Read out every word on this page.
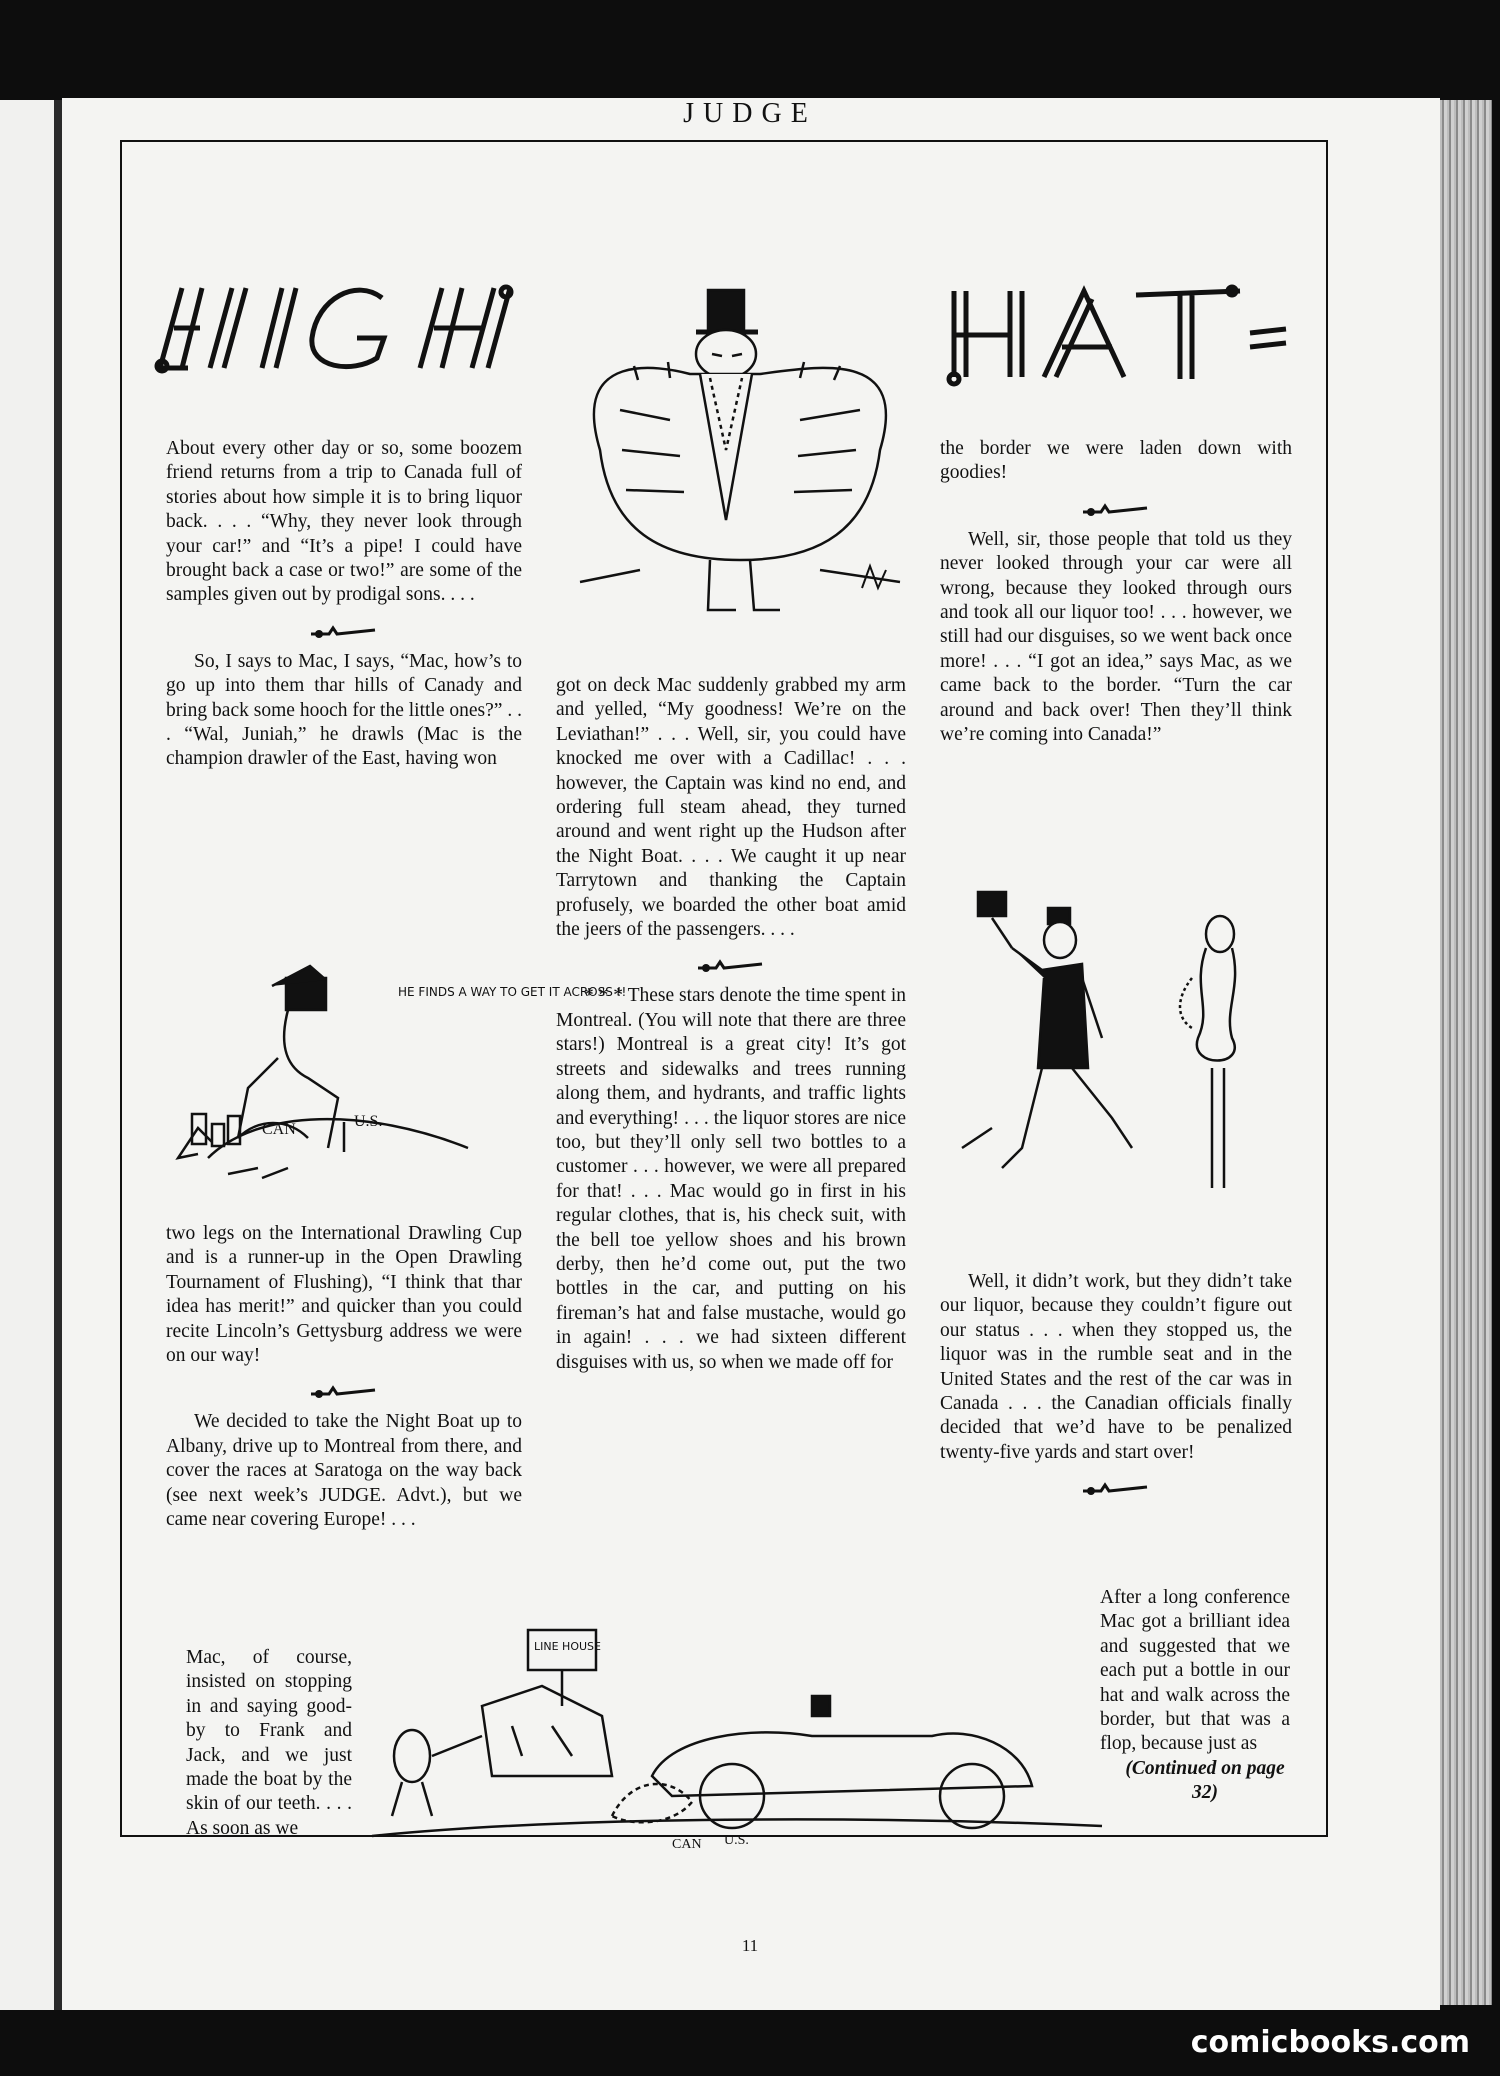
JUDGE

About every other day or so, some boozem friend returns from a trip to Canada full of stories about how simple it is to bring liquor back. . . . “Why, they never look through your car!” and “It’s a pipe! I could have brought back a case or two!” are some of the samples given out by prodigal sons. . . .

So, I says to Mac, I says, “Mac, how’s to go up into them thar hills of Canady and bring back some hooch for the little ones?” . . . “Wal, Juniah,” he drawls (Mac is the champion drawler of the East, having won

CAN	U.S.
HE FINDS A WAY TO GET IT ACROSS !!

two legs on the International Drawling Cup and is a runner-up in the Open Drawling Tournament of Flushing), “I think that thar idea has merit!” and quicker than you could recite Lincoln’s Gettysburg address we were on our way!

We decided to take the Night Boat up to Albany, drive up to Montreal from there, and cover the races at Saratoga on the way back (see next week’s JUDGE. Advt.), but we came near covering Europe! . . .

Mac, of course, insisted on stopping in and saying good-by to Frank and Jack, and we just made the boat by the skin of our teeth. . . . As soon as we

got on deck Mac suddenly grabbed my arm and yelled, “My goodness! We’re on the Leviathan!” . . . Well, sir, you could have knocked me over with a Cadillac! . . . however, the Captain was kind no end, and ordering full steam ahead, they turned around and went right up the Hudson after the Night Boat. . . . We caught it up near Tarrytown and thanking the Captain profusely, we boarded the other boat amid the jeers of the passengers. . . .

* * * These stars denote the time spent in Montreal. (You will note that there are three stars!) Montreal is a great city! It’s got streets and sidewalks and trees running along them, and hydrants, and traffic lights and everything! . . . the liquor stores are nice too, but they’ll only sell two bottles to a customer . . . however, we were all prepared for that! . . . Mac would go in first in his regular clothes, that is, his check suit, with the bell toe yellow shoes and his brown derby, then he’d come out, put the two bottles in the car, and putting on his fireman’s hat and false mustache, would go in again! . . . we had sixteen different disguises with us, so when we made off for

the border we were laden down with goodies!

Well, sir, those people that told us they never looked through your car were all wrong, because they looked through ours and took all our liquor too! . . . however, we still had our disguises, so we went back once more! . . . “I got an idea,” says Mac, as we came back to the border. “Turn the car around and back over! Then they’ll think we’re coming into Canada!”

Well, it didn’t work, but they didn’t take our liquor, because they couldn’t figure out our status . . . when they stopped us, the liquor was in the rumble seat and in the United States and the rest of the car was in Canada . . . the Canadian officials finally decided that we’d have to be penalized twenty-five yards and start over!

After a long conference Mac got a brilliant idea and suggested that we each put a bottle in our hat and walk across the border, but that was a flop, because just as

(Continued on page 32)

LINE HOUSE
CAN U.S.
11
comicbooks.com
